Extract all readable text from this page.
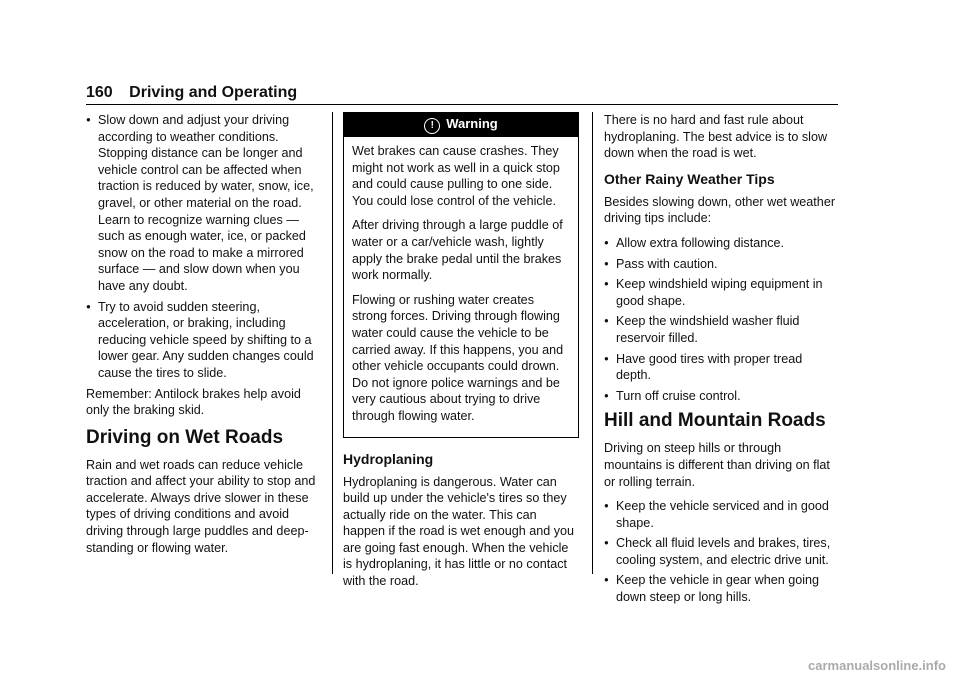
160 Driving and Operating
● Slow down and adjust your driving according to weather conditions. Stopping distance can be longer and vehicle control can be affected when traction is reduced by water, snow, ice, gravel, or other material on the road. Learn to recognize warning clues — such as enough water, ice, or packed snow on the road to make a mirrored surface — and slow down when you have any doubt.
● Try to avoid sudden steering, acceleration, or braking, including reducing vehicle speed by shifting to a lower gear. Any sudden changes could cause the tires to slide.

Remember: Antilock brakes help avoid only the braking skid.

Driving on Wet Roads

Rain and wet roads can reduce vehicle traction and affect your ability to stop and accelerate. Always drive slower in these types of driving conditions and avoid driving through large puddles and deep-standing or flowing water.

! Warning

Wet brakes can cause crashes. They might not work as well in a quick stop and could cause pulling to one side. You could lose control of the vehicle.

After driving through a large puddle of water or a car/vehicle wash, lightly apply the brake pedal until the brakes work normally.

Flowing or rushing water creates strong forces. Driving through flowing water could cause the vehicle to be carried away. If this happens, you and other vehicle occupants could drown. Do not ignore police warnings and be very cautious about trying to drive through flowing water.

Hydroplaning

Hydroplaning is dangerous. Water can build up under the vehicle's tires so they actually ride on the water. This can happen if the road is wet enough and you are going fast enough. When the vehicle is hydroplaning, it has little or no contact with the road.

There is no hard and fast rule about hydroplaning. The best advice is to slow down when the road is wet.

Other Rainy Weather Tips

Besides slowing down, other wet weather driving tips include:

● Allow extra following distance.
● Pass with caution.
● Keep windshield wiping equipment in good shape.
● Keep the windshield washer fluid reservoir filled.
● Have good tires with proper tread depth.
● Turn off cruise control.
Hill and Mountain Roads

Driving on steep hills or through mountains is different than driving on flat or rolling terrain.

● Keep the vehicle serviced and in good shape.
● Check all fluid levels and brakes, tires, cooling system, and electric drive unit.
● Keep the vehicle in gear when going down steep or long hills.
carmanualsonline.info
